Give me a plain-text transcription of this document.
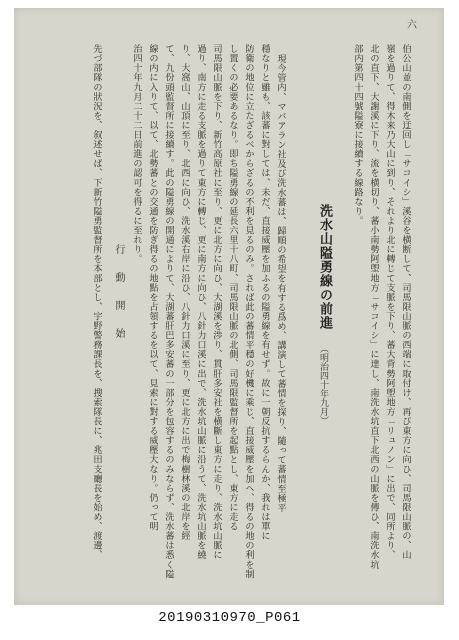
六
伯公山並の南側を迂回し「サコイシ」溪谷を横断して、司馬限山脈の西端に取付け、再び東方に向ひ、司馬限山脈の、山
嶺を過りて、得木来乃大山に到り、それより北に轉じて支脈を下り、蕃大背勢阿塱地方「リュノン」に出で、同所より、
北の直下、大謝溪に下り、流を横切り、蕃小南勢阿塱地方「サコイシ」に達し、南洗水坑直下北西の山脈を傳ひ、南洗水坑
部内第四十四號隘寮に接續する線路なり。
洗水山隘勇線の前進
（明治四十年九月）
現今管内、マバアラン社及び洗水蕃は、歸順の希望を有する爲め、講演して蕃情を探り、隨って蕃情至極平
穩なりと雖も、該蕃に對しては、未だ、直接威壓を加ふるの隘勇線を有せず。故に一朝反抗するらんか、我れは單に
防衛の地位に立たざるべからざるの不利を見るのみ。されば此の蕃情平穩の好機に乘じ、直接威壓を加へ、得るの地の利を制
し置くの必要あるなり。即ち隘勇線の延長六里十八町、司馬限山脈の北側、司馬限監督所を起點とし、東方に走る
司馬限山脈を下り、新竹高原社に至り、更に北方に向ひ、大湖溪を渉り、貫肝多安社を横斷し東方に走り、洗水坑山脈に
過り、南方に走る支脈を過りて東方に轉じ、更に南方に向ひ、八針力口溪に出で、洗水坑山脈に沿うて、洗水坑山脈を繞
り、大窩山、山頂に至り、北西に向ひ、洗水溪右岸に沿ひ、八針力口溪に至り、更に北方に出で梅樹林溪の北岸を經
て、九份頭監督所に接續す。此の隘勇線の開通によりて、大湖蕃肝巴多安蕃の一部分を包容するのみならず、洗水蕃は悉く隘
線の内に入りて、以て、北勢蕃との交通を防ぎ得るの地點を占領するを以て、見索に對する威壓大なり。仍って明
治四十年九月二十二日前進の認可を得るに至れり。
行　動　開　始
先づ部隊の狀況を、叙述せば、下新竹隘勇監督所を本部とし、宇野警務課長を、搜索隊長に、兆田支廳長を始め、渡邊、
20190310970_P061
